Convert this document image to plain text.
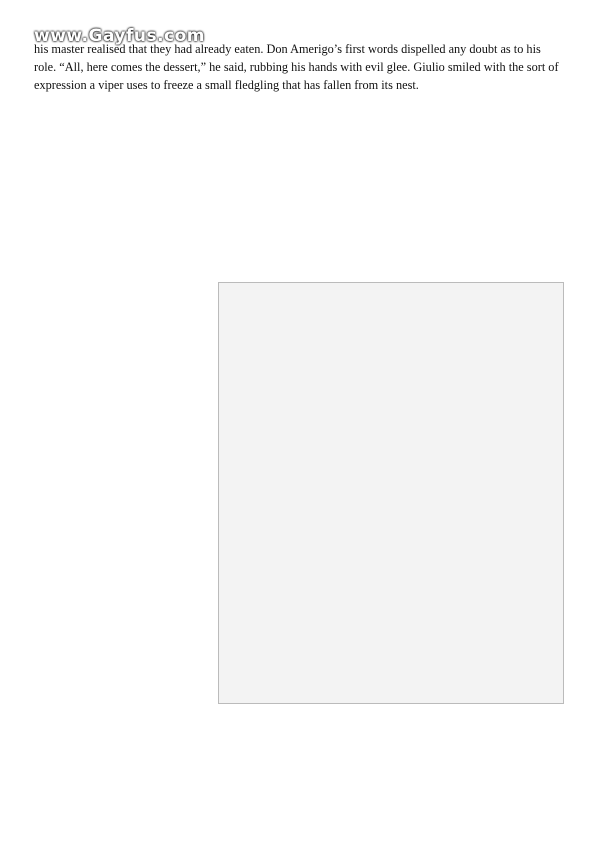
www.Gayfus.com

his master realised that they had already eaten. Don Amerigo’s first words dispelled any doubt as to his role. “All, here comes the dessert,” he said, rubbing his hands with evil glee. Giulio smiled with the sort of expression a viper uses to freeze a small fledgling that has fallen from its nest.
